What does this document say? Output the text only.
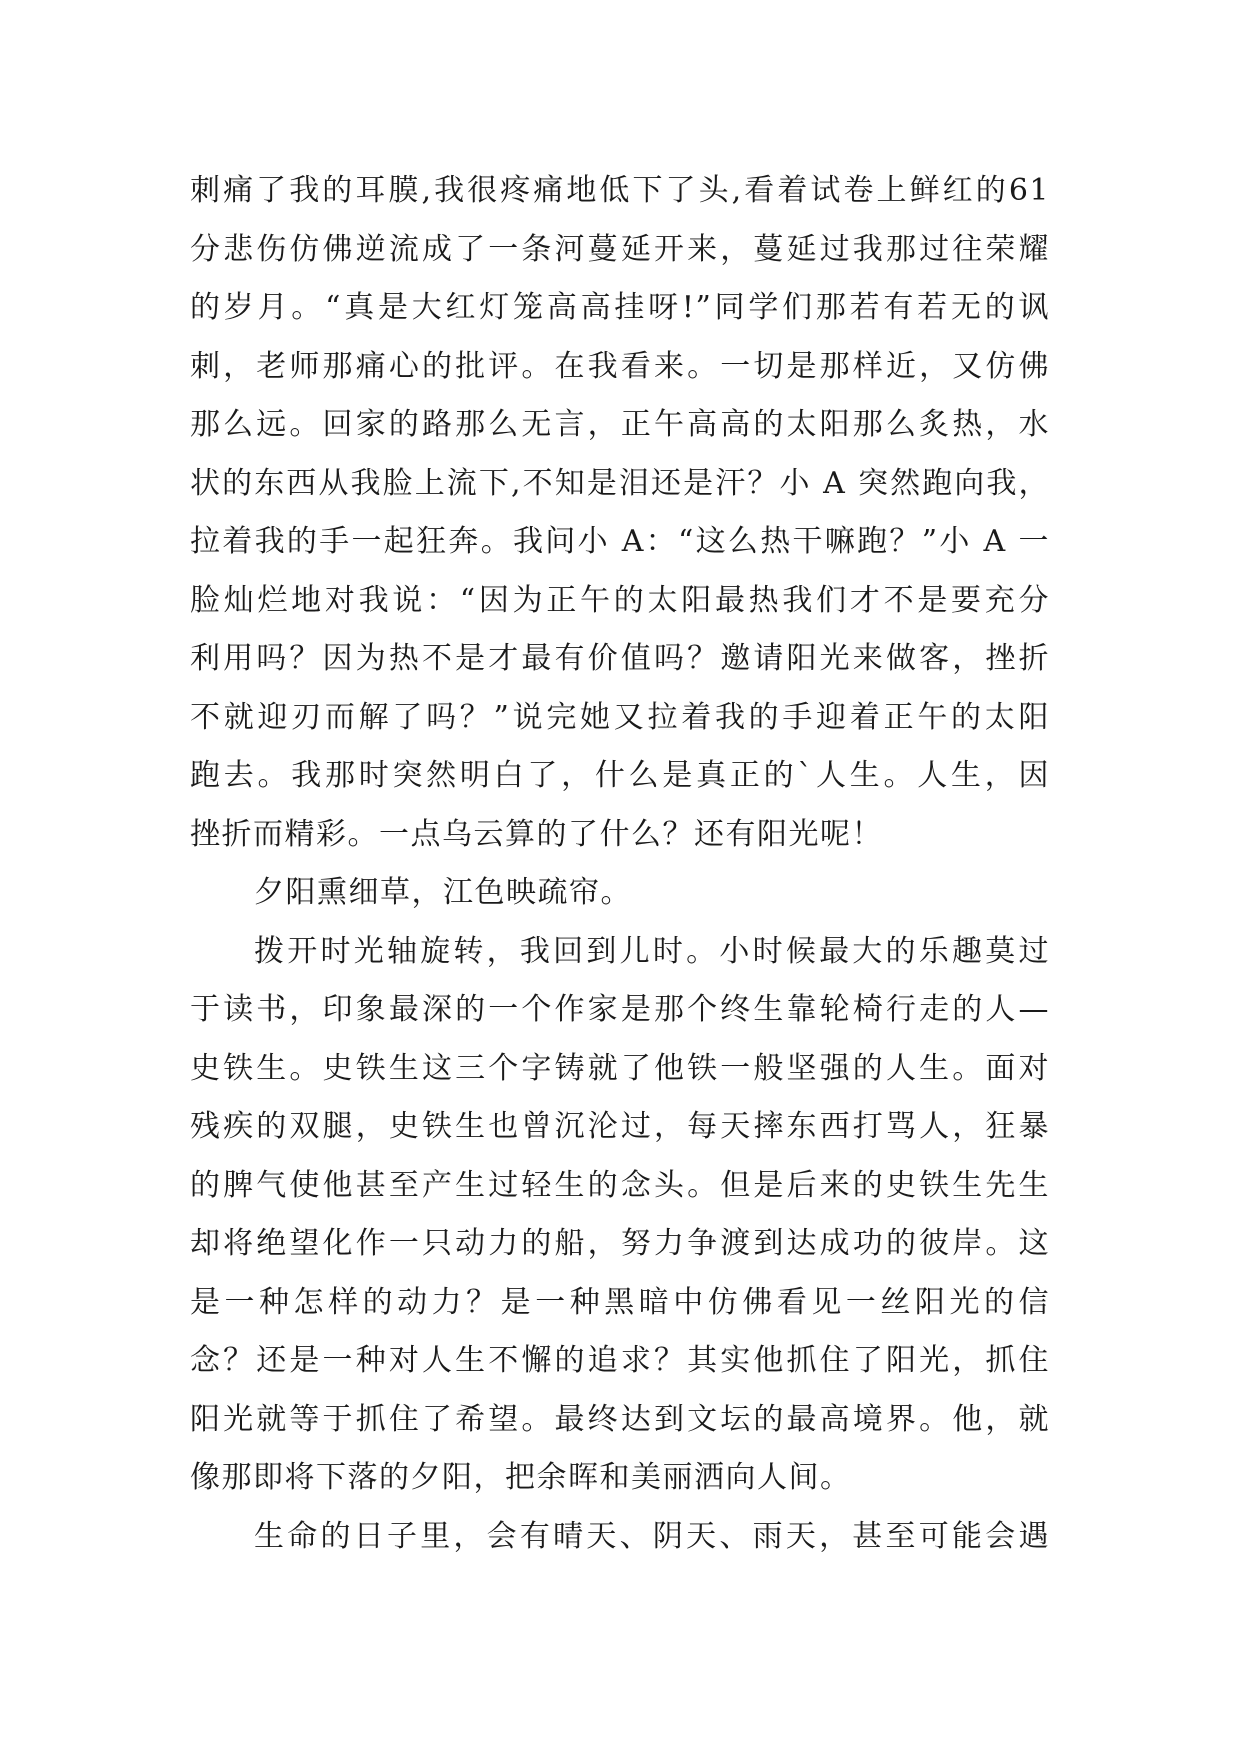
刺痛了我的耳膜,我很疼痛地低下了头,看着试卷上鲜红的61
分悲伤仿佛逆流成了一条河蔓延开来，蔓延过我那过往荣耀
的岁月。“真是大红灯笼高高挂呀!”同学们那若有若无的讽
刺，老师那痛心的批评。在我看来。一切是那样近，又仿佛
那么远。回家的路那么无言，正午高高的太阳那么炙热，水
状的东西从我脸上流下,不知是泪还是汗？小 A 突然跑向我，
拉着我的手一起狂奔。我问小 A：“这么热干嘛跑？”小 A 一
脸灿烂地对我说：“因为正午的太阳最热我们才不是要充分
利用吗？因为热不是才最有价值吗？邀请阳光来做客，挫折
不就迎刃而解了吗？”说完她又拉着我的手迎着正午的太阳
跑去。我那时突然明白了，什么是真正的`人生。人生，因
挫折而精彩。一点乌云算的了什么？还有阳光呢！
夕阳熏细草，江色映疏帘。
拨开时光轴旋转，我回到儿时。小时候最大的乐趣莫过
于读书，印象最深的一个作家是那个终生靠轮椅行走的人—
史铁生。史铁生这三个字铸就了他铁一般坚强的人生。面对
残疾的双腿，史铁生也曾沉沦过，每天摔东西打骂人，狂暴
的脾气使他甚至产生过轻生的念头。但是后来的史铁生先生
却将绝望化作一只动力的船，努力争渡到达成功的彼岸。这
是一种怎样的动力？是一种黑暗中仿佛看见一丝阳光的信
念？还是一种对人生不懈的追求？其实他抓住了阳光，抓住
阳光就等于抓住了希望。最终达到文坛的最高境界。他，就
像那即将下落的夕阳，把余晖和美丽洒向人间。
生命的日子里，会有晴天、阴天、雨天，甚至可能会遇
